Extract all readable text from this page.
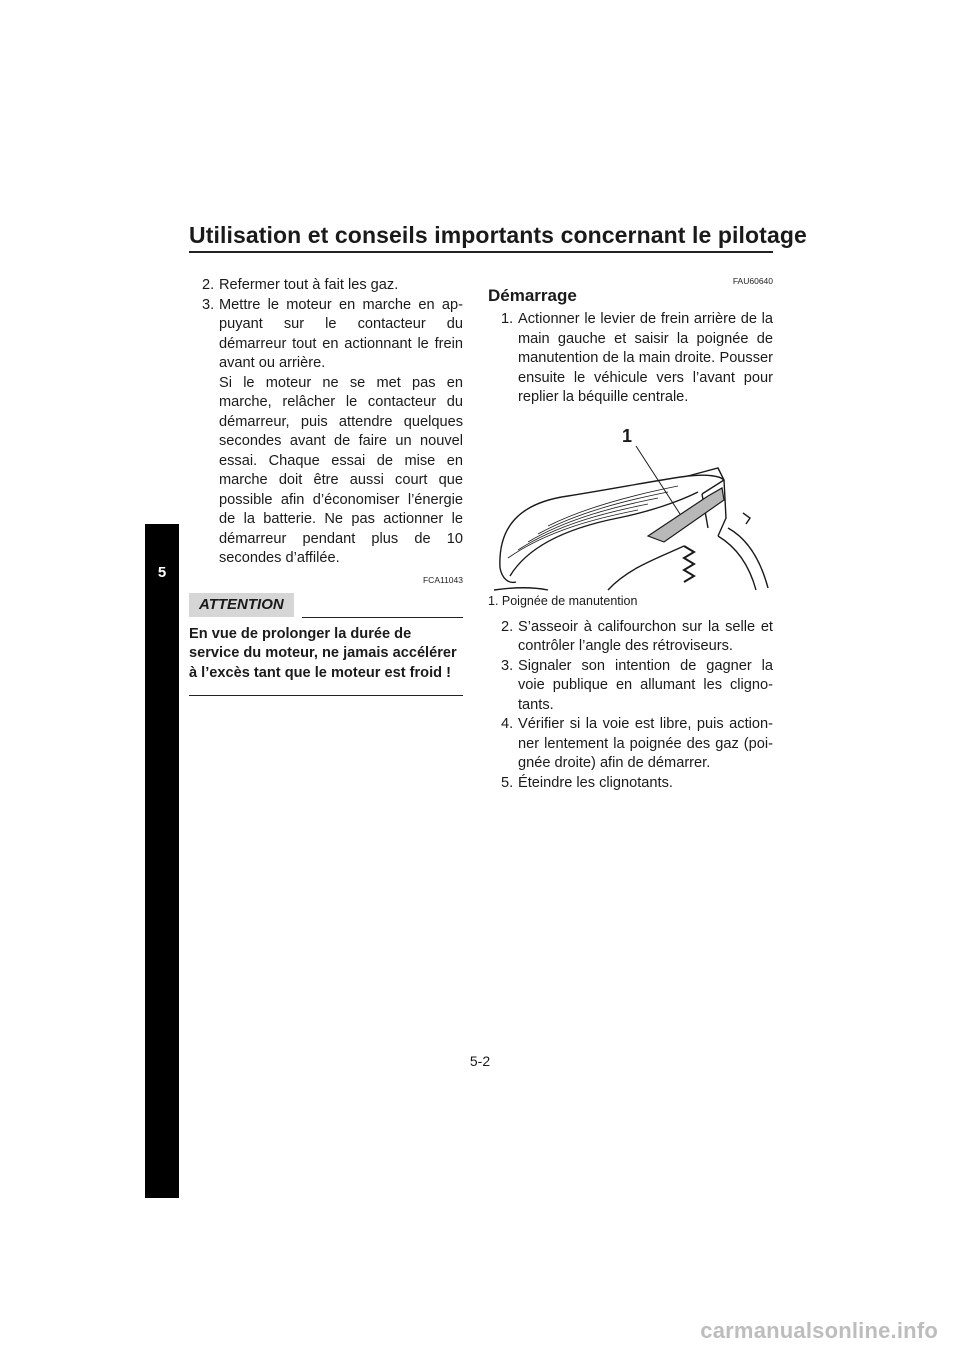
Utilisation et conseils importants concernant le pilotage
5
2. Refermer tout à fait les gaz.
3. Mettre le moteur en marche en appuyant sur le contacteur du démarreur tout en actionnant le frein avant ou arrière.
Si le moteur ne se met pas en marche, relâcher le contacteur du démarreur, puis attendre quelques secondes avant de faire un nouvel essai. Chaque essai de mise en marche doit être aussi court que possible afin d’économiser l’énergie de la batterie. Ne pas actionner le démarreur pendant plus de 10 secondes d’affilée.
FCA11043
ATTENTION
En vue de prolonger la durée de service du moteur, ne jamais accélérer à l’excès tant que le moteur est froid !
FAU60640
Démarrage
1. Actionner le levier de frein arrière de la main gauche et saisir la poignée de manutention de la main droite. Pousser ensuite le véhicule vers l’avant pour replier la béquille centrale.
1

1. Poignée de manutention

2. S’asseoir à califourchon sur la selle et contrôler l’angle des rétroviseurs.
3. Signaler son intention de gagner la voie publique en allumant les clignotants.
4. Vérifier si la voie est libre, puis actionner lentement la poignée des gaz (poignée droite) afin de démarrer.
5. Éteindre les clignotants.
5-2
carmanualsonline.info
